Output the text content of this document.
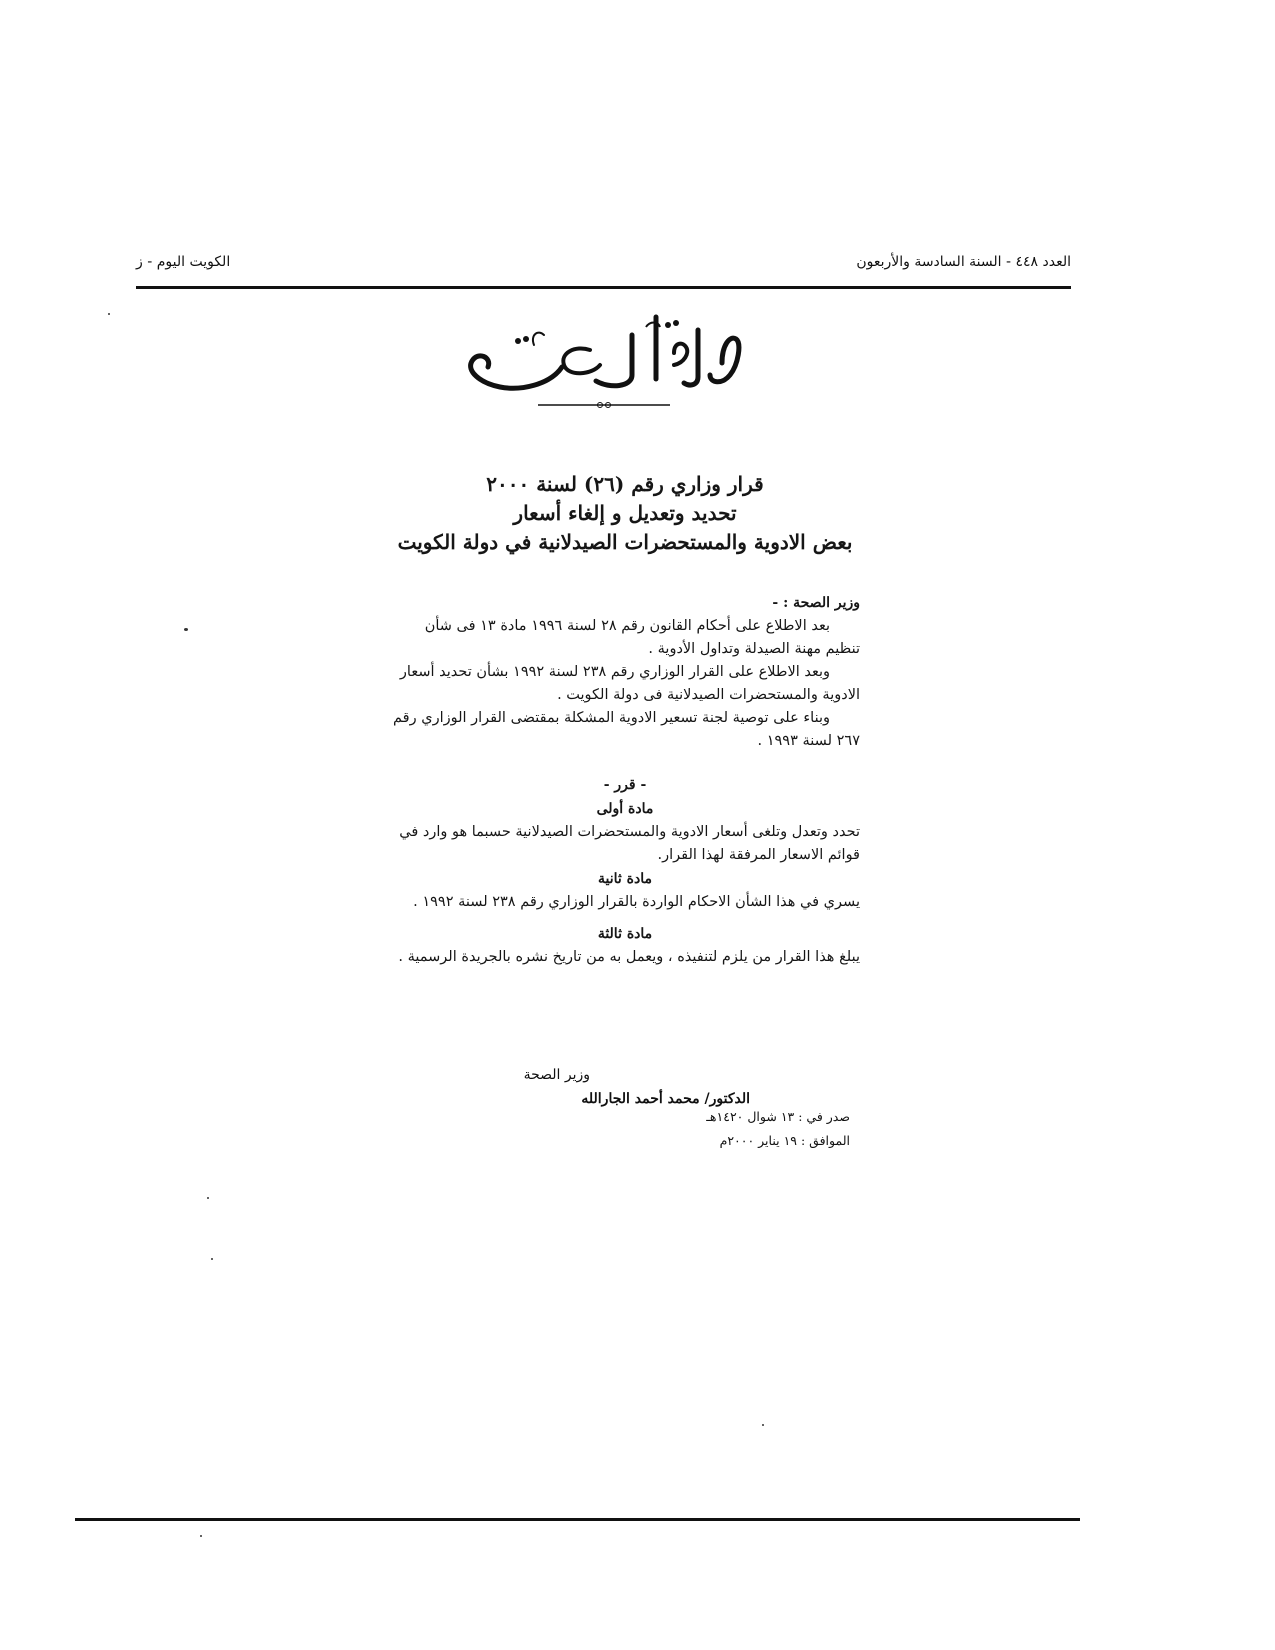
الكويت اليوم - ز	العدد ٤٤٨ - السنة السادسة والأربعون

قرار وزاري رقم (٢٦) لسنة ٢٠٠٠

تحديد وتعديل و إلغاء أسعار

بعض الادوية والمستحضرات الصيدلانية في دولة الكويت

وزير الصحة : -

بعد الاطلاع على أحكام القانون رقم ٢٨ لسنة ١٩٩٦ مادة ١٣ فى شأن تنظيم مهنة الصيدلة وتداول الأدوية .

وبعد الاطلاع على القرار الوزاري رقم ٢٣٨ لسنة ١٩٩٢ بشأن تحديد أسعار الادوية والمستحضرات الصيدلانية فى دولة الكويت .

وبناء على توصية لجنة تسعير الادوية المشكلة بمقتضى القرار الوزاري رقم ٢٦٧ لسنة ١٩٩٣ .

- قرر -

مادة أولى

تحدد وتعدل وتلغى أسعار الادوية والمستحضرات الصيدلانية حسبما هو وارد في قوائم الاسعار المرفقة لهذا القرار.

مادة ثانية

يسري في هذا الشأن الاحكام الواردة بالقرار الوزاري رقم ٢٣٨ لسنة ١٩٩٢ .

مادة ثالثة

يبلغ هذا القرار من يلزم لتنفيذه ، ويعمل به من تاريخ نشره بالجريدة الرسمية .

وزير الصحة
الدكتور/ محمد أحمد الجارالله
صدر في : ١٣ شوال ١٤٢٠هـ
الموافق : ١٩ يناير ٢٠٠٠م
